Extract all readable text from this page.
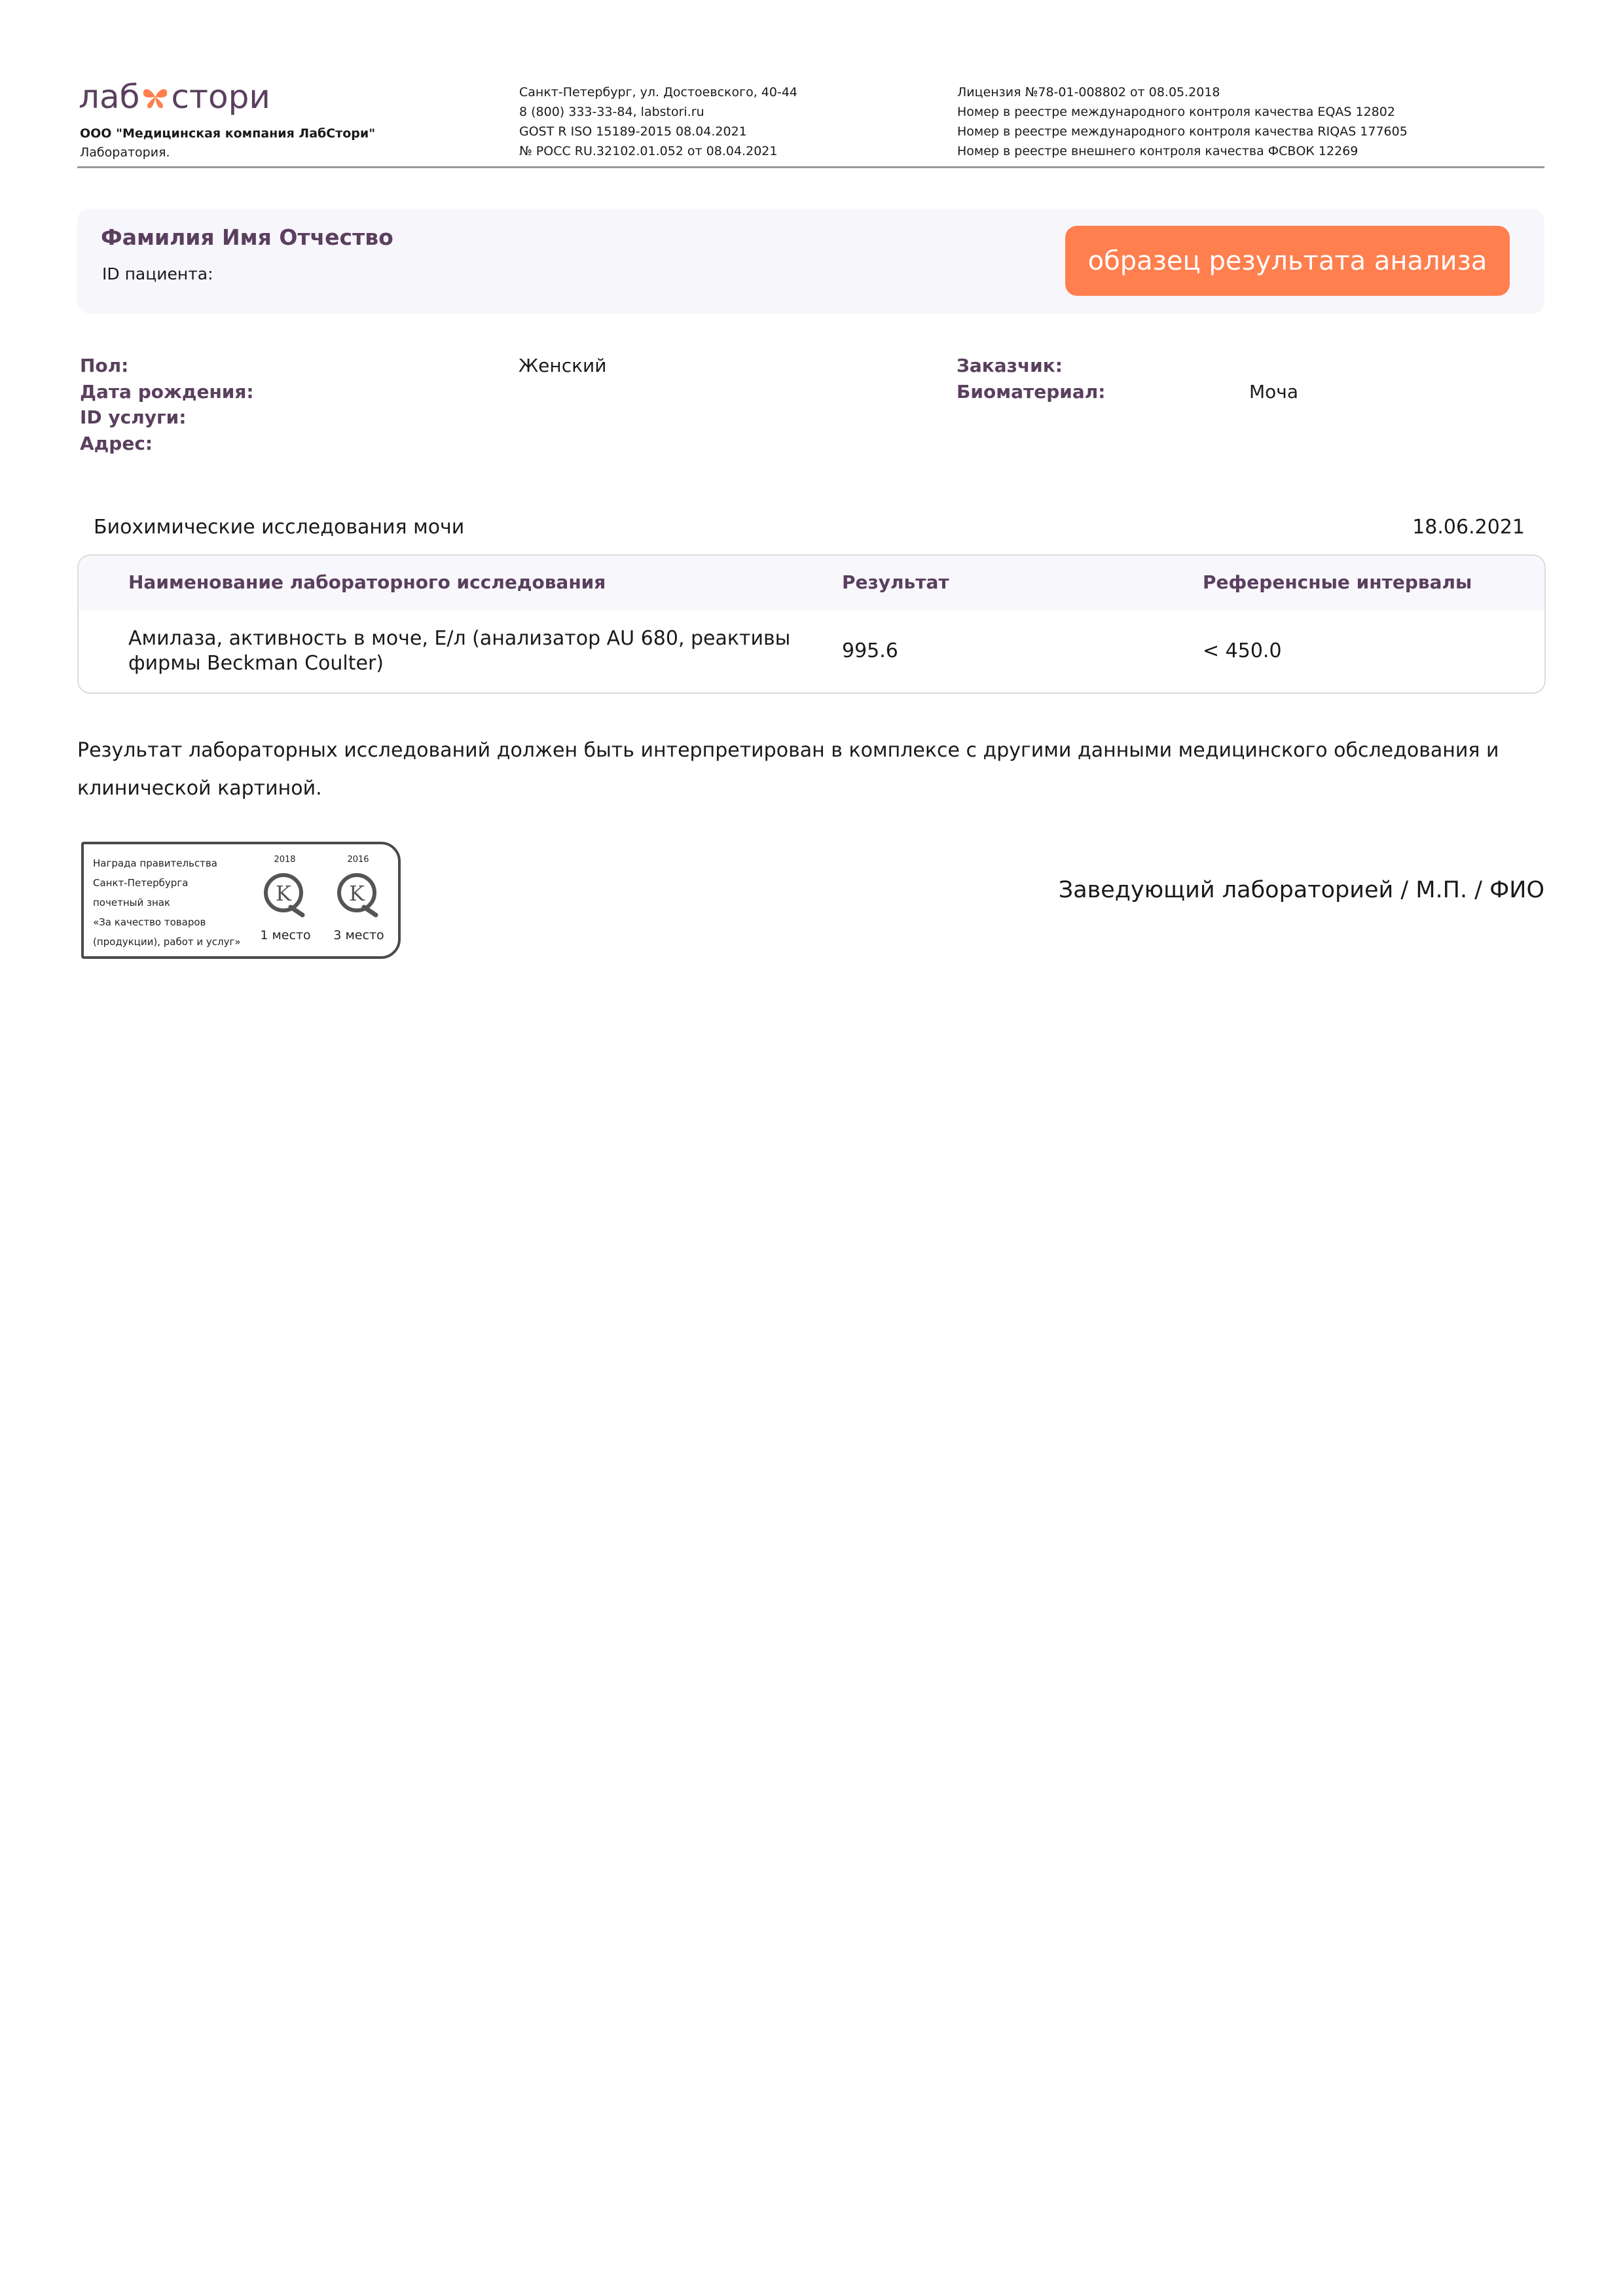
лаб стори
ООО "Медицинская компания ЛабСтори"
Лаборатория.
Санкт-Петербург, ул. Достоевского, 40-44
8 (800) 333-33-84, labstori.ru
GOST R ISO 15189-2015 08.04.2021
№ РОСС RU.32102.01.052 от 08.04.2021
Лицензия №78-01-008802 от 08.05.2018
Номер в реестре международного контроля качества EQAS 12802
Номер в реестре международного контроля качества RIQAS 177605
Номер в реестре внешнего контроля качества ФСВОК 12269
Фамилия Имя Отчество
ID пациента:	образец результата анализа
Пол:	Женский
Дата рождения:
ID услуги:
Адрес:
Заказчик:
Биоматериал:	Моча
Биохимические исследования мочи	18.06.2021
Наименование лабораторного исследования	Результат	Референсные интервалы
Амилаза, активность в моче, Е/л (анализатор AU 680, реактивы
фирмы Beckman Coulter)
995.6	< 450.0
Результат лабораторных исследований должен быть интерпретирован в комплексе с другими данными медицинского обследования и клинической картиной.
Награда правительства
Санкт-Петербурга
почетный знак
«За качество товаров
(продукции), работ и услуг»
2018
K
2016
K
1 место	3 место
Заведующий лабораторией / М.П. / ФИО
